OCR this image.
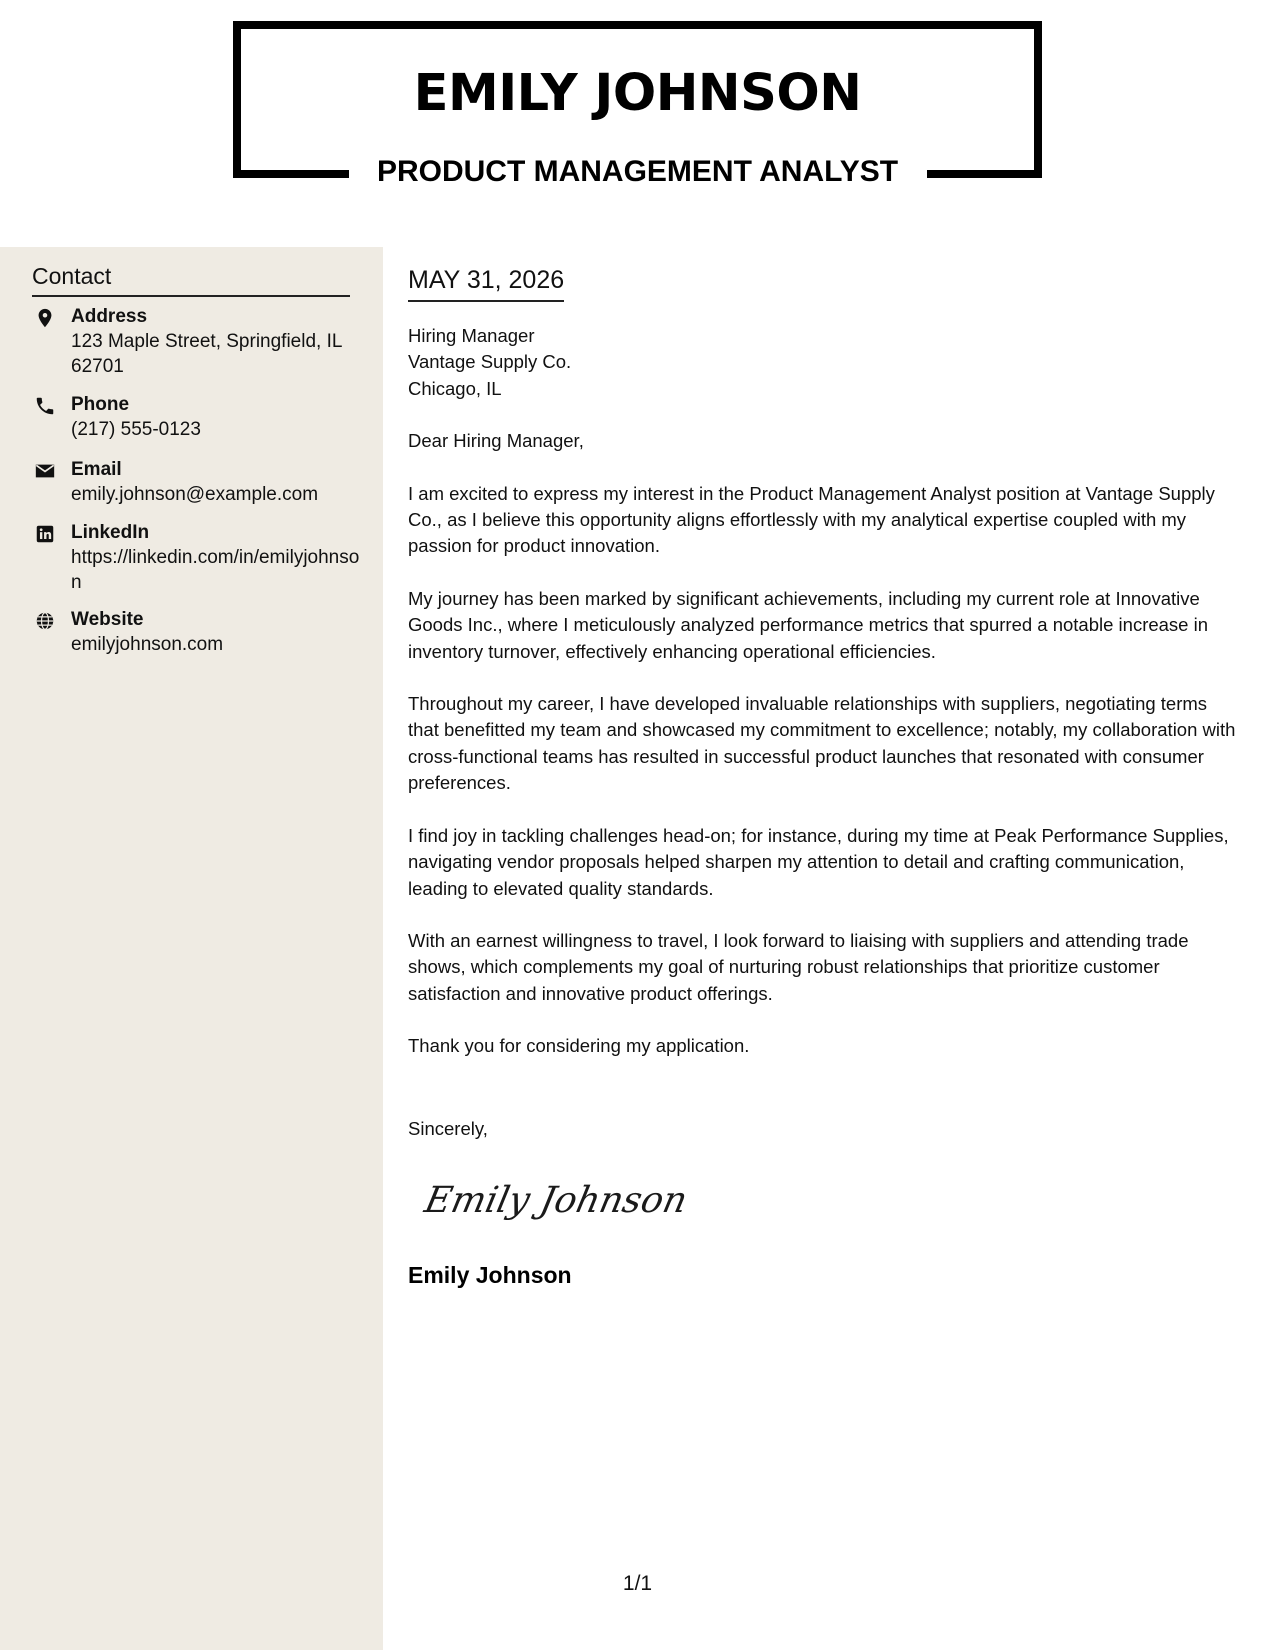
EMILY JOHNSON
PRODUCT MANAGEMENT ANALYST
Contact
Address
123 Maple Street, Springfield, IL 62701
Phone
(217) 555-0123
Email
emily.johnson@example.com
LinkedIn
https://linkedin.com/in/emilyjohnson
Website
emilyjohnson.com
MAY 31, 2026

Hiring Manager
Vantage Supply Co.
Chicago, IL

Dear Hiring Manager,

I am excited to express my interest in the Product Management Analyst position at Vantage Supply Co., as I believe this opportunity aligns effortlessly with my analytical expertise coupled with my passion for product innovation.

My journey has been marked by significant achievements, including my current role at Innovative Goods Inc., where I meticulously analyzed performance metrics that spurred a notable increase in inventory turnover, effectively enhancing operational efficiencies.

Throughout my career, I have developed invaluable relationships with suppliers, negotiating terms that benefitted my team and showcased my commitment to excellence; notably, my collaboration with cross-functional teams has resulted in successful product launches that resonated with consumer preferences.

I find joy in tackling challenges head-on; for instance, during my time at Peak Performance Supplies, navigating vendor proposals helped sharpen my attention to detail and crafting communication, leading to elevated quality standards.

With an earnest willingness to travel, I look forward to liaising with suppliers and attending trade shows, which complements my goal of nurturing robust relationships that prioritize customer satisfaction and innovative product offerings.

Thank you for considering my application.

Sincerely,
Emily Johnson
Emily Johnson
1/1
